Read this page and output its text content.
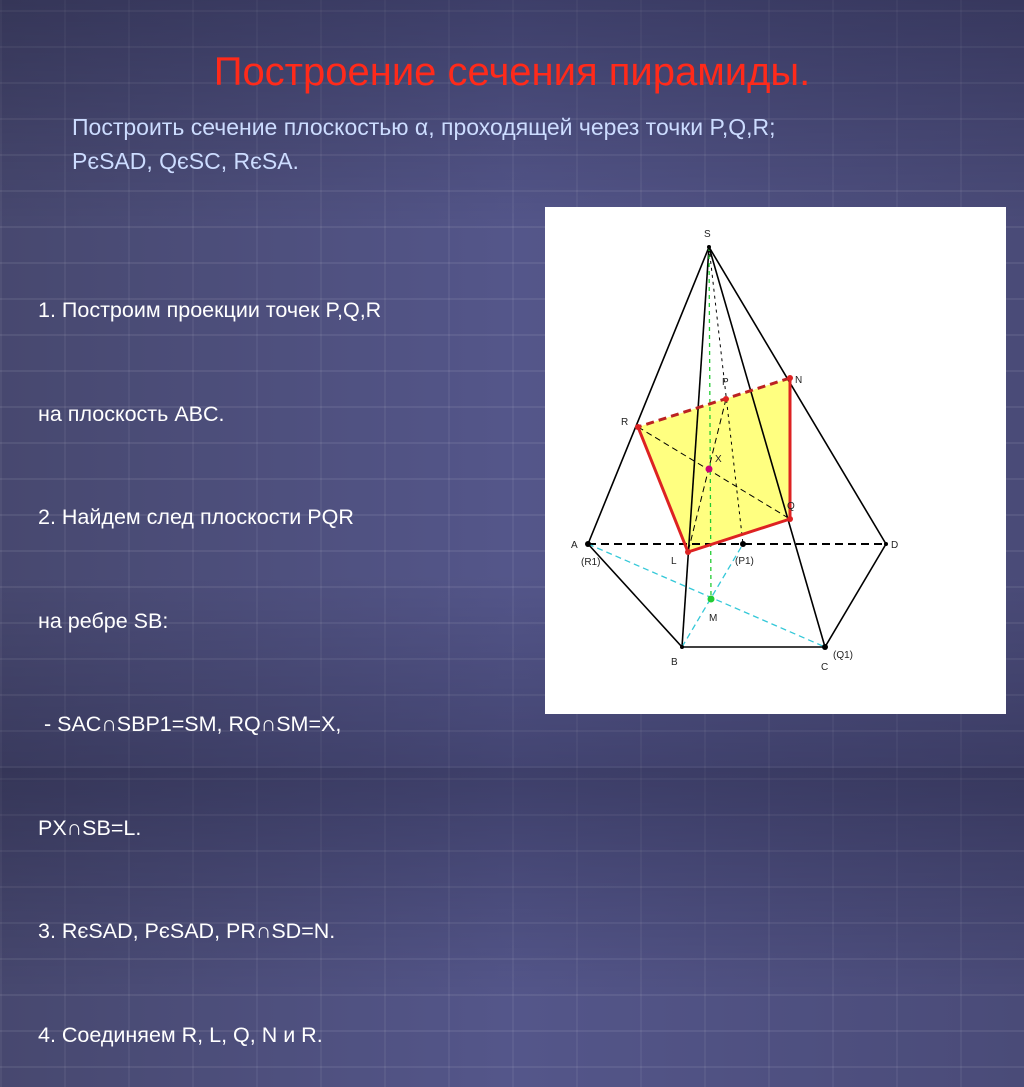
Построение сечения пирамиды.
Построить сечение плоскостью α, проходящей через точки P,Q,R;
PєSAD, QєSC, RєSA.

1. Построим проекции точек P,Q,R

на плоскость ABC.

2. Найдем след плоскости PQR

на ребре SB:

- SAC∩SBP1=SM, RQ∩SM=X,

PX∩SB=L.

3. RєSAD, PєSAD, PR∩SD=N.

4. Соединяем R, L, Q, N и R.

S
R
P	N
X
Q
A
(R1)	L	(P1)
D
M
B
(Q1)
C
